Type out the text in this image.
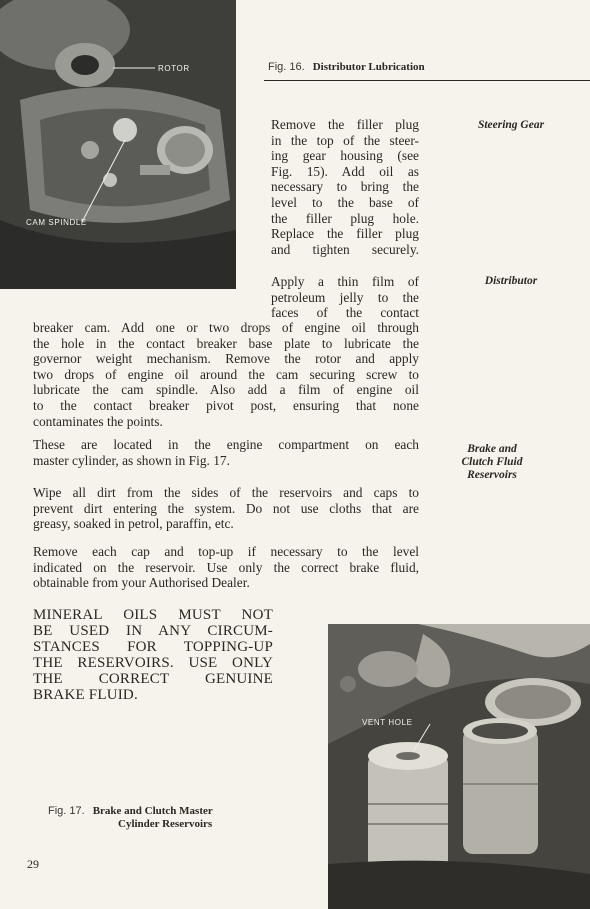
ROTOR
CAM SPINDLE
Fig. 16. Distributor Lubrication
Steering Gear
Remove the filler plug
in the top of the steer-
ing gear housing (see
Fig. 15). Add oil as
necessary to bring the
level to the base of
the filler plug hole.
Replace the filler plug
and tighten securely.
Distributor
Apply a thin film of
petroleum jelly to the
faces of the contact
breaker cam. Add one or two drops of engine oil through
the hole in the contact breaker base plate to lubricate the
governor weight mechanism. Remove the rotor and apply
two drops of engine oil around the cam securing screw to
lubricate the cam spindle. Also add a film of engine oil
to the contact breaker pivot post, ensuring that none
contaminates the points.
Brake and
Clutch Fluid
Reservoirs
These are located in the engine compartment on each
master cylinder, as shown in Fig. 17.
Wipe all dirt from the sides of the reservoirs and caps to
prevent dirt entering the system. Do not use cloths that are
greasy, soaked in petrol, paraffin, etc.
Remove each cap and top-up if necessary to the level
indicated on the reservoir. Use only the correct brake fluid,
obtainable from your Authorised Dealer.
MINERAL OILS MUST NOT
BE USED IN ANY CIRCUM-
STANCES FOR TOPPING-UP
THE RESERVOIRS. USE ONLY
THE CORRECT GENUINE
BRAKE FLUID.
VENT HOLE
Fig. 17. Brake and Clutch Master
Cylinder Reservoirs
29
